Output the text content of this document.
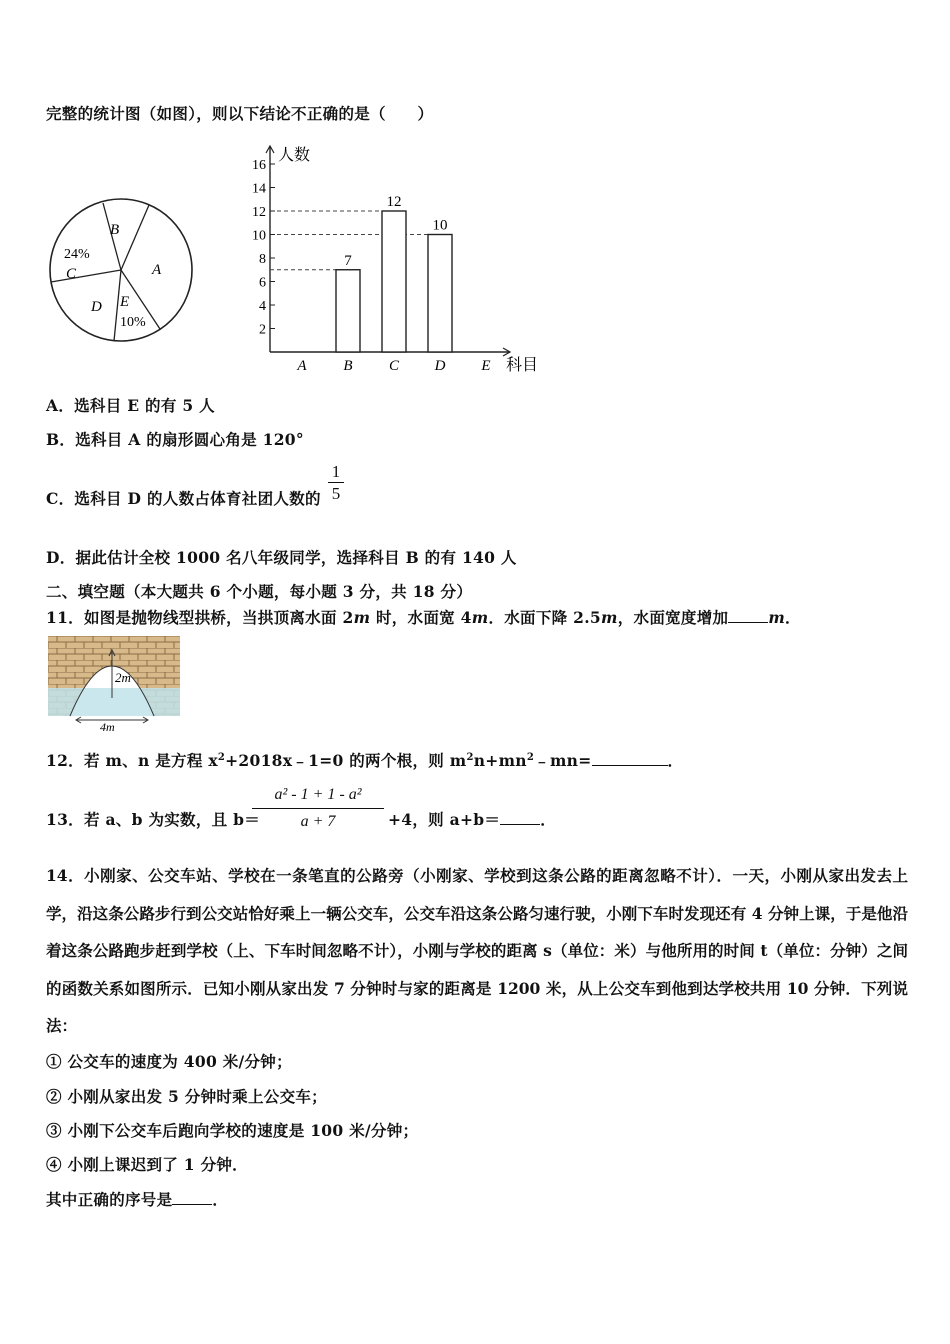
完整的统计图（如图），则以下结论不正确的是（　　）
B
A
24%
C
D E
10%
7
12
10
2
4
6
8
10
12
14
16
A B C D E
人数
科目
A．选科目 E 的有 5 人
B．选科目 A 的扇形圆心角是 120°
C．选科目 D 的人数占体育社团人数的
1
5
D．据此估计全校 1000 名八年级同学，选择科目 B 的有 140 人
二、填空题（本大题共 6 个小题，每小题 3 分，共 18 分）
11．如图是抛物线型拱桥，当拱顶离水面 2m 时，水面宽 4m．水面下降 2.5m，水面宽度增加	m．
2m
4m
12．若 m、n 是方程 $x^2+2018x﹣1=0$ 的两个根，则 $m^2n+mn^2﹣mn=$	．
13．若 a、b 为实数，且 b＝
a² - 1 + 1 - a²
a + 7	+4，则 a+b＝	．
14．小刚家、公交车站、学校在一条笔直的公路旁（小刚家、学校到这条公路的距离忽略不计）．一天，小刚从家出发去上学，沿这条公路步行到公交站恰好乘上一辆公交车，公交车沿这条公路匀速行驶，小刚下车时发现还有 4 分钟上课，于是他沿着这条公路跑步赶到学校（上、下车时间忽略不计），小刚与学校的距离 s（单位：米）与他所用的时间 t（单位：分钟）之间的函数关系如图所示．已知小刚从家出发 7 分钟时与家的距离是 1200 米，从上公交车到他到达学校共用 10 分钟．下列说法：
① 公交车的速度为 400 米/分钟；
② 小刚从家出发 5 分钟时乘上公交车；
③ 小刚下公交车后跑向学校的速度是 100 米/分钟；
④ 小刚上课迟到了 1 分钟．
其中正确的序号是	．
